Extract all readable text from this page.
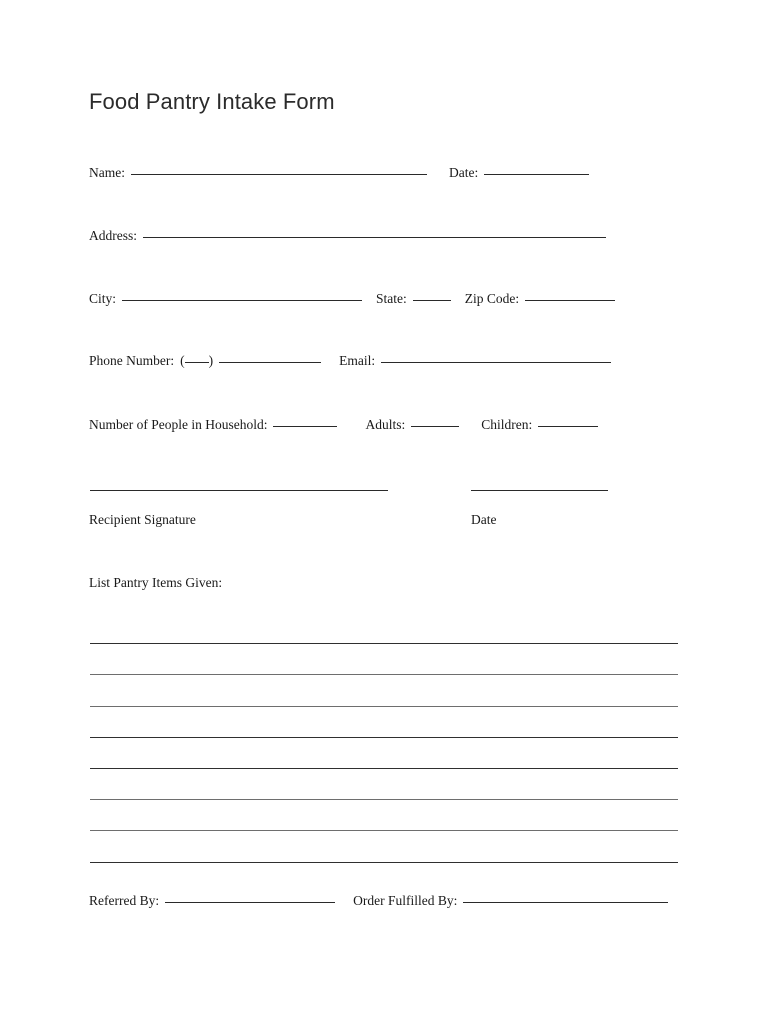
Food Pantry Intake Form
Name:	Date:
Address:
City:	State:	Zip Code:
Phone Number: ( )	Email:
Number of People in Household:	Adults:	Children:
Recipient Signature	Date
List Pantry Items Given:
Referred By:	Order Fulfilled By:
